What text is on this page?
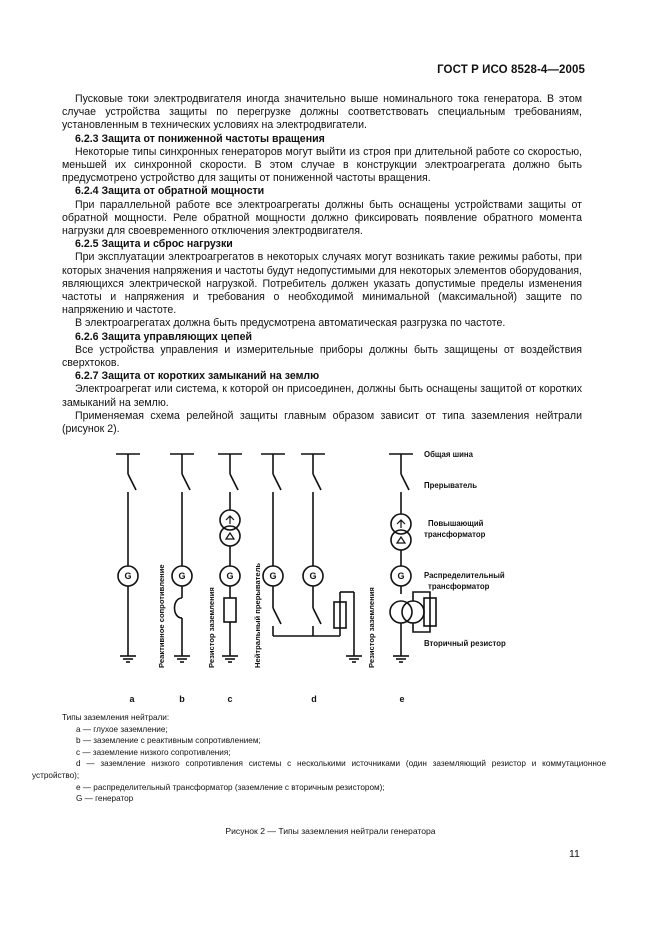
ГОСТ Р ИСО 8528-4—2005

Пусковые токи электродвигателя иногда значительно выше номинального тока генератора. В этом случае устройства защиты по перегрузке должны соответствовать специальным требованиям, установленным в технических условиях на электродвигатели.

6.2.3 Защита от пониженной частоты вращения

Некоторые типы синхронных генераторов могут выйти из строя при длительной работе со скоростью, меньшей их синхронной скорости. В этом случае в конструкции электроагрегата должно быть предусмотрено устройство для защиты от пониженной частоты вращения.

6.2.4 Защита от обратной мощности

При параллельной работе все электроагрегаты должны быть оснащены устройствами защиты от обратной мощности. Реле обратной мощности должно фиксировать появление обратного момента нагрузки для своевременного отключения электродвигателя.

6.2.5 Защита и сброс нагрузки

При эксплуатации электроагрегатов в некоторых случаях могут возникать такие режимы работы, при которых значения напряжения и частоты будут недопустимыми для некоторых элементов оборудования, являющихся электрической нагрузкой. Потребитель должен указать допустимые пределы изменения частоты и напряжения и требования о необходимой минимальной (максимальной) защите по напряжению и частоте.

В электроагрегатах должна быть предусмотрена автоматическая разгрузка по частоте.

6.2.6 Защита управляющих цепей

Все устройства управления и измерительные приборы должны быть защищены от воздействия сверхтоков.

6.2.7 Защита от коротких замыканий на землю

Электроагрегат или система, к которой он присоединен, должны быть оснащены защитой от коротких замыканий на землю.

Применяемая схема релейной защиты главным образом зависит от типа заземления нейтрали (рисунок 2).

G	G	G	G	G	G
Общая шина
Прерыватель
Повышающий
трансформатор
Распределительный
трансформатор
Вторичный резистор
Реактивное сопротивление	Резистор заземления	Нейтральный прерыватель	Резистор заземления
a	b	c	d	e

Типы заземления нейтрали:

a — глухое заземление;

b — заземление с реактивным сопротивлением;

c — заземление низкого сопротивления;

d — заземление низкого сопротивления системы с несколькими источниками (один заземляющий резистор и коммутационное устройство);

e — распределительный трансформатор (заземление с вторичным резистором);

G — генератор

Рисунок 2 — Типы заземления нейтрали генератора
11
